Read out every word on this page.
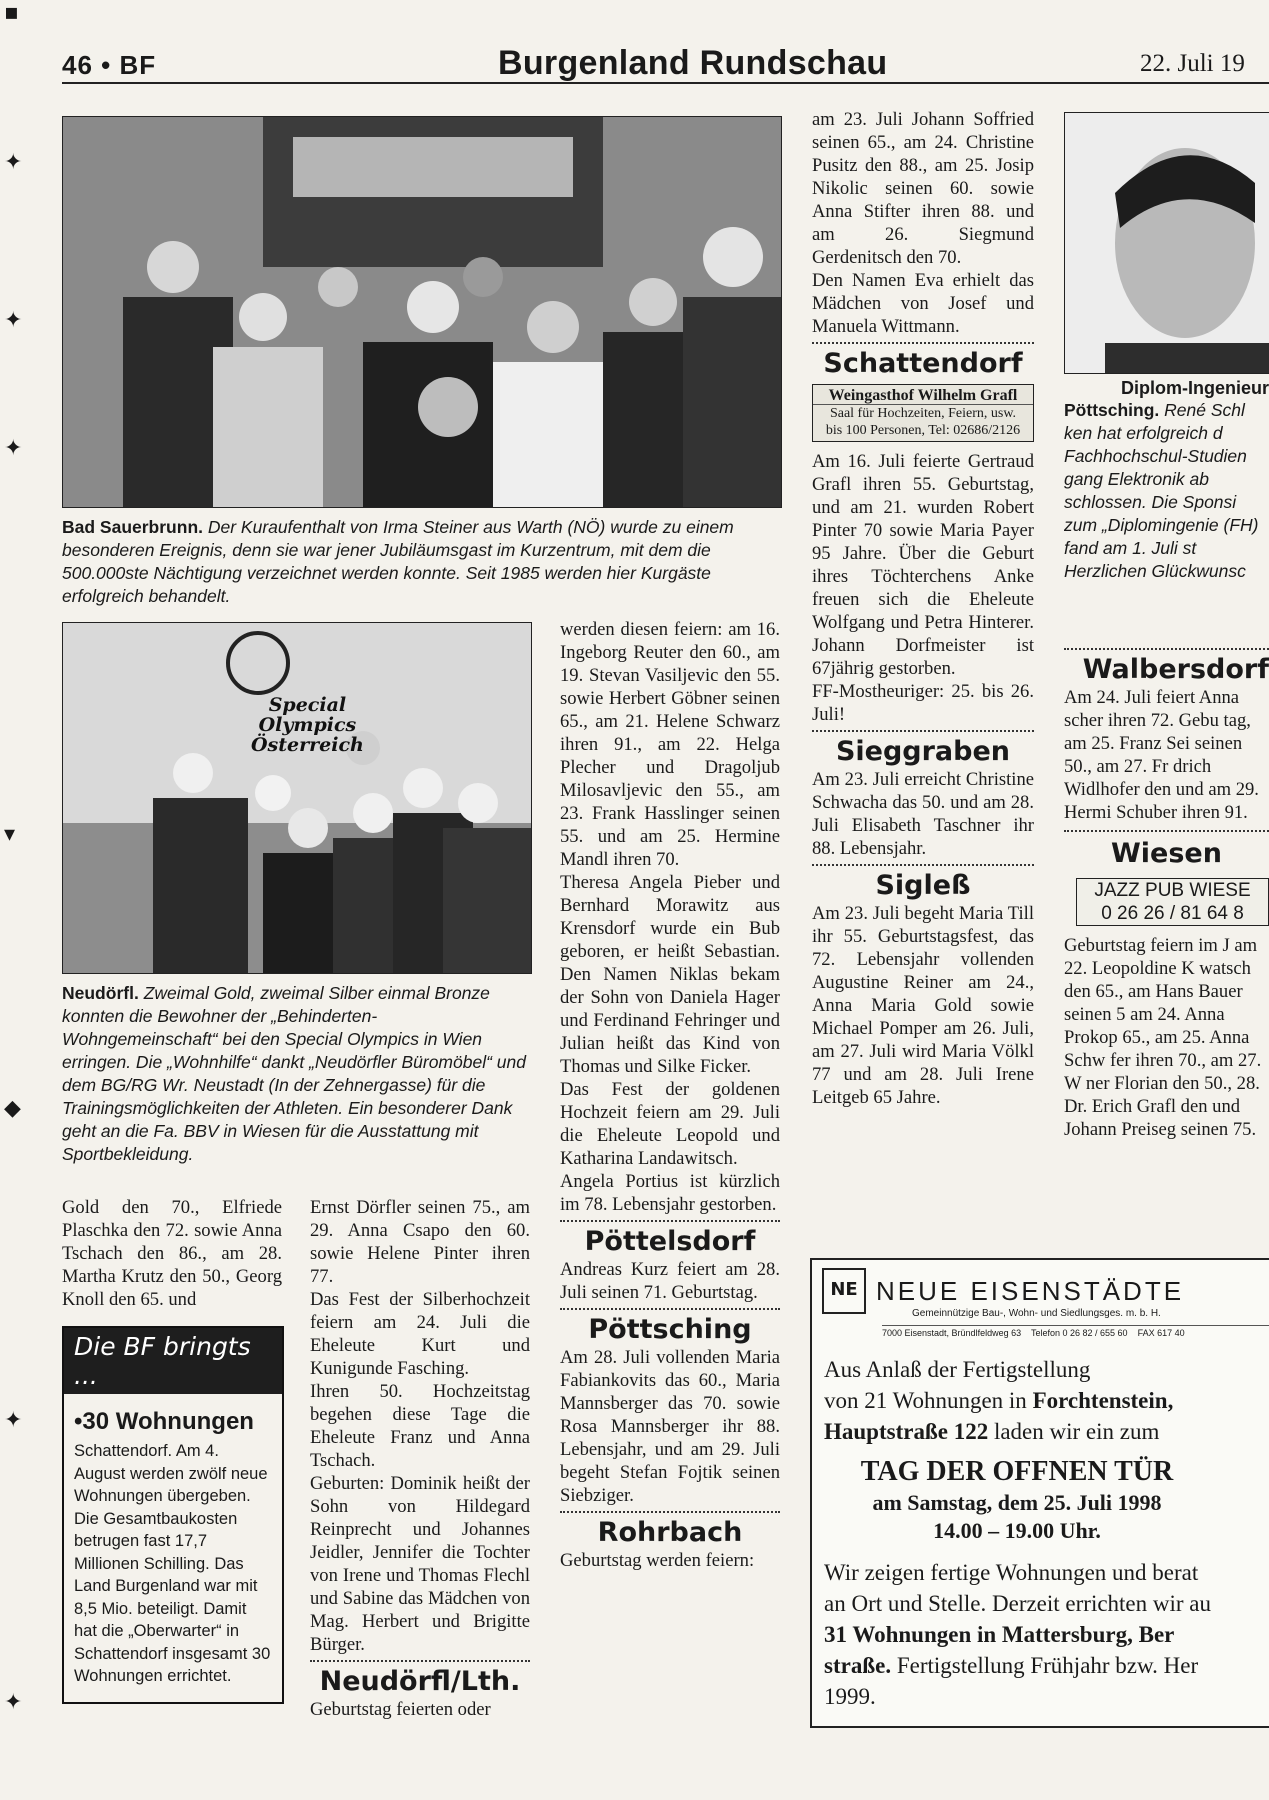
▪
✦
✦
✦
▾
◆
✦
✦
46 • BF	Burgenland Rundschau	22. Juli 19
Bad Sauerbrunn. Der Kuraufenthalt von Irma Steiner aus Warth (NÖ) wurde zu einem besonderen Ereignis, denn sie war jener Jubiläumsgast im Kurzentrum, mit dem die 500.000ste Nächtigung verzeichnet werden konnte. Seit 1985 werden hier Kurgäste erfolgreich behandelt.
Special
Olympics
Österreich
Neudörfl. Zweimal Gold, zweimal Silber einmal Bronze konnten die Bewohner der „Behinderten-Wohngemeinschaft“ bei den Special Olympics in Wien erringen. Die „Wohnhilfe“ dankt „Neudörfler Büromöbel“ und dem BG/RG Wr. Neustadt (In der Zehnergasse) für die Trainingsmöglichkeiten der Athleten. Ein besonderer Dank geht an die Fa. BBV in Wiesen für die Ausstattung mit Sportbekleidung.

Gold den 70., Elfriede Plaschka den 72. sowie Anna Tschach den 86., am 28. Martha Krutz den 50., Georg Knoll den 65. und

Die BF bringts ...
•30 Wohnungen
Schattendorf. Am 4. August werden zwölf neue Wohnungen übergeben. Die Gesamtbaukosten betrugen fast 17,7 Millionen Schilling. Das Land Burgenland war mit 8,5 Mio. beteiligt. Damit hat die „Oberwarter“ in Schattendorf insgesamt 30 Wohnungen errichtet.

Ernst Dörfler seinen 75., am 29. Anna Csapo den 60. sowie Helene Pinter ihren 77.

Das Fest der Silberhochzeit feiern am 24. Juli die Eheleute Kurt und Kunigunde Fasching.

Ihren 50. Hochzeitstag begehen diese Tage die Eheleute Franz und Anna Tschach.

Geburten: Dominik heißt der Sohn von Hildegard Reinprecht und Johannes Jeidler, Jennifer die Tochter von Irene und Thomas Flechl und Sabine das Mädchen von Mag. Herbert und Brigitte Bürger.

Neudörfl/Lth.

Geburtstag feierten oder

werden diesen feiern: am 16. Ingeborg Reuter den 60., am 19. Stevan Vasiljevic den 55. sowie Herbert Göbner seinen 65., am 21. Helene Schwarz ihren 91., am 22. Helga Plecher und Dragoljub Milosavljevic den 55., am 23. Frank Hasslinger seinen 55. und am 25. Hermine Mandl ihren 70.

Theresa Angela Pieber und Bernhard Morawitz aus Krensdorf wurde ein Bub geboren, er heißt Sebastian. Den Namen Niklas bekam der Sohn von Daniela Hager und Ferdinand Fehringer und Julian heißt das Kind von Thomas und Silke Ficker.

Das Fest der goldenen Hochzeit feiern am 29. Juli die Eheleute Leopold und Katharina Landawitsch.

Angela Portius ist kürzlich im 78. Lebensjahr gestorben.

Pöttelsdorf

Andreas Kurz feiert am 28. Juli seinen 71. Geburtstag.

Pöttsching

Am 28. Juli vollenden Maria Fabiankovits das 60., Maria Mannsberger das 70. sowie Rosa Mannsberger ihr 88. Lebensjahr, und am 29. Juli begeht Stefan Fojtik seinen Siebziger.

Rohrbach

Geburtstag werden feiern:

am 23. Juli Johann Soffried seinen 65., am 24. Christine Pusitz den 88., am 25. Josip Nikolic seinen 60. sowie Anna Stifter ihren 88. und am 26. Siegmund Gerdenitsch den 70.

Den Namen Eva erhielt das Mädchen von Josef und Manuela Wittmann.

Schattendorf
Weingasthof Wilhelm Grafl
Saal für Hochzeiten, Feiern, usw.
bis 100 Personen, Tel: 02686/2126

Am 16. Juli feierte Gertraud Grafl ihren 55. Geburtstag, und am 21. wurden Robert Pinter 70 sowie Maria Payer 95 Jahre. Über die Geburt ihres Töchterchens Anke freuen sich die Eheleute Wolfgang und Petra Hinterer. Johann Dorfmeister ist 67jährig gestorben.

FF-Mostheuriger: 25. bis 26. Juli!

Sieggraben

Am 23. Juli erreicht Christine Schwacha das 50. und am 28. Juli Elisabeth Taschner ihr 88. Lebensjahr.

Sigleß

Am 23. Juli begeht Maria Till ihr 55. Geburtstagsfest, das 72. Lebensjahr vollenden Augustine Reiner am 24., Anna Maria Gold sowie Michael Pomper am 26. Juli, am 27. Juli wird Maria Völkl 77 und am 28. Juli Irene Leitgeb 65 Jahre.

Diplom-Ingenieur
Pöttsching. René Schl ken hat erfolgreich d Fachhochschul-Studien gang Elektronik ab schlossen. Die Sponsi zum „Diplomingenie (FH) fand am 1. Juli st Herzlichen Glückwunsc
Walbersdorf

Am 24. Juli feiert Anna scher ihren 72. Gebu tag, am 25. Franz Sei seinen 50., am 27. Fr drich Widlhofer den und am 29. Hermi Schuber ihren 91.

Wiesen
JAZZ PUB WIESE
0 26 26 / 81 64 8

Geburtstag feiern im J am 22. Leopoldine K watsch den 65., am Hans Bauer seinen 5 am 24. Anna Prokop 65., am 25. Anna Schw fer ihren 70., am 27. W ner Florian den 50., 28. Dr. Erich Grafl den und Johann Preiseg seinen 75.

NE NEUE EISENSTÄDTE
Gemeinnützige Bau-, Wohn- und Siedlungsges. m. b. H.
7000 Eisenstadt, Bründlfeldweg 63 Telefon 0 26 82 / 655 60 FAX 617 40
Aus Anlaß der Fertigstellung
von 21 Wohnungen in Forchtenstein,
Hauptstraße 122 laden wir ein zum
TAG DER OFFNEN TÜR
am Samstag, dem 25. Juli 1998
14.00 – 19.00 Uhr.
Wir zeigen fertige Wohnungen und berat
an Ort und Stelle. Derzeit errichten wir au
31 Wohnungen in Mattersburg, Ber
straße. Fertigstellung Frühjahr bzw. Her
1999.
